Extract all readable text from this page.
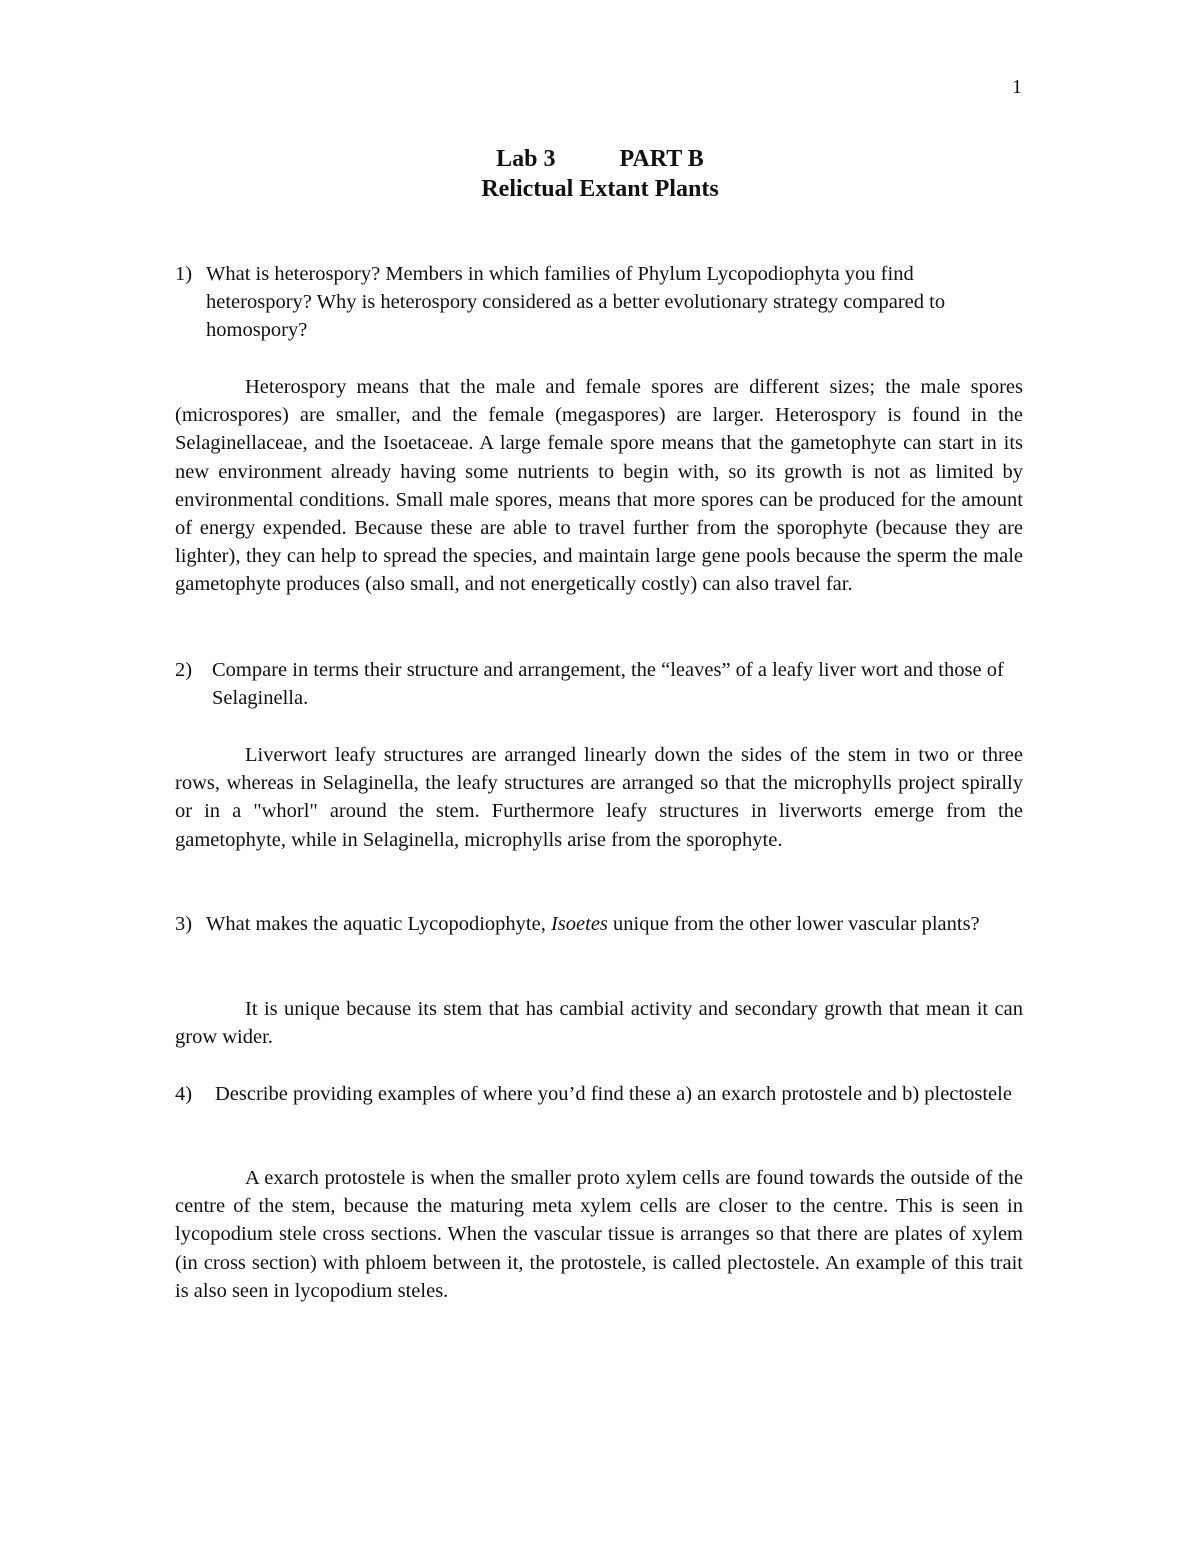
1
Lab 3	PART B
Relictual Extant Plants
1) What is heterospory? Members in which families of Phylum Lycopodiophyta you find heterospory? Why is heterospory considered as a better evolutionary strategy compared to homospory?
Heterospory means that the male and female spores are different sizes; the male spores (microspores) are smaller, and the female (megaspores) are larger. Heterospory is found in the Selaginellaceae, and the Isoetaceae. A large female spore means that the gametophyte can start in its new environment already having some nutrients to begin with, so its growth is not as limited by environmental conditions. Small male spores, means that more spores can be produced for the amount of energy expended. Because these are able to travel further from the sporophyte (because they are lighter), they can help to spread the species, and maintain large gene pools because the sperm the male gametophyte produces (also small, and not energetically costly) can also travel far.
2) Compare in terms their structure and arrangement, the “leaves” of a leafy liver wort and those of Selaginella.
Liverwort leafy structures are arranged linearly down the sides of the stem in two or three rows, whereas in Selaginella, the leafy structures are arranged so that the microphylls project spirally or in a "whorl" around the stem. Furthermore leafy structures in liverworts emerge from the gametophyte, while in Selaginella, microphylls arise from the sporophyte.
3) What makes the aquatic Lycopodiophyte, Isoetes unique from the other lower vascular plants?
It is unique because its stem that has cambial activity and secondary growth that mean it can grow wider.
4)	Describe providing examples of where you’d find these a) an exarch protostele and b) plectostele
A exarch protostele is when the smaller proto xylem cells are found towards the outside of the centre of the stem, because the maturing meta xylem cells are closer to the centre. This is seen in lycopodium stele cross sections. When the vascular tissue is arranges so that there are plates of xylem (in cross section) with phloem between it, the protostele, is called plectostele. An example of this trait is also seen in lycopodium steles.
